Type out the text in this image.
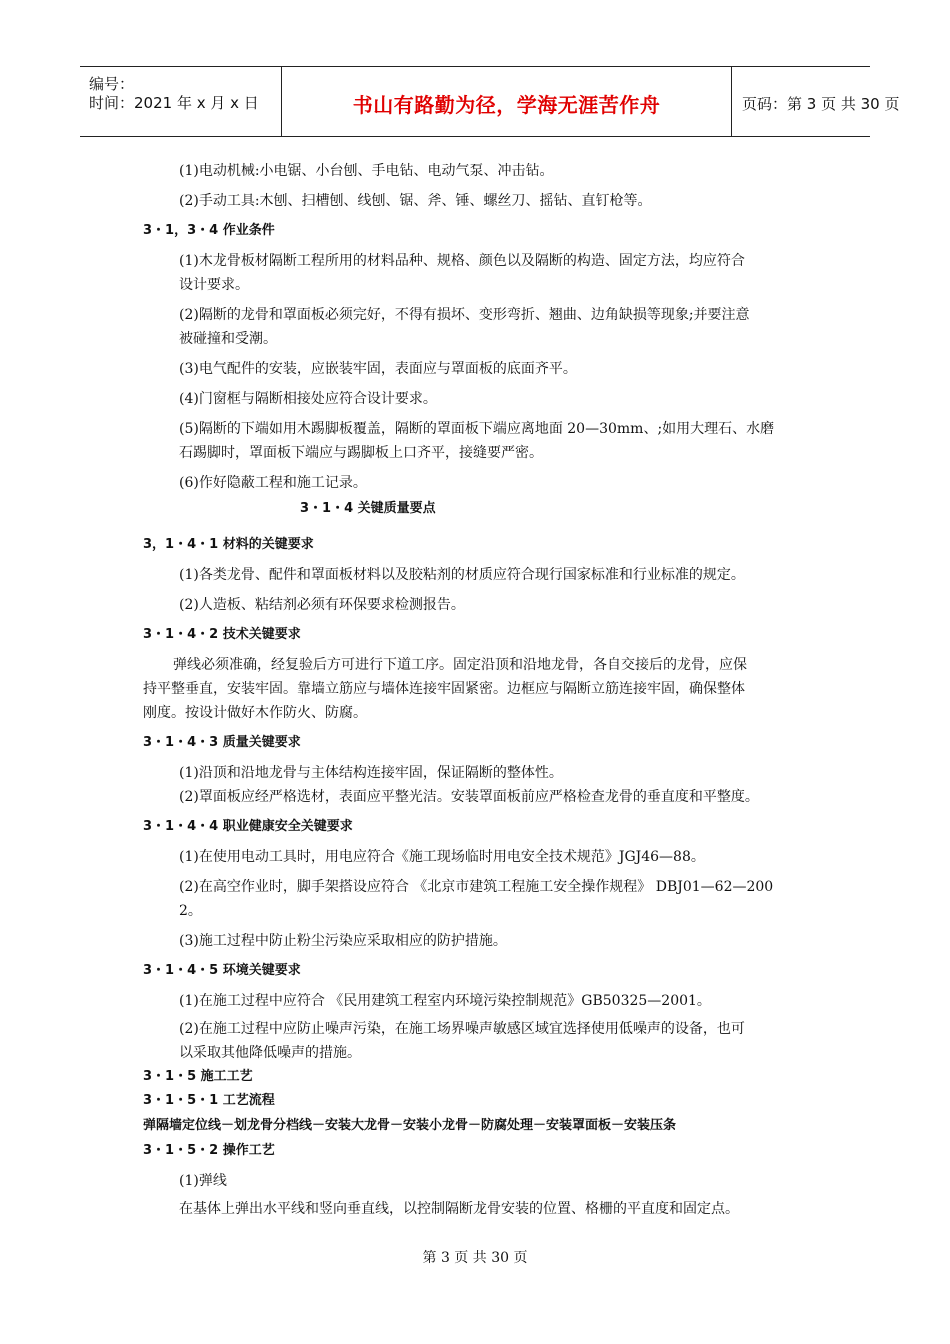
编号：
时间：2021 年 x 月 x 日	书山有路勤为径，学海无涯苦作舟	页码：第 3 页 共 30 页
(1)电动机械:小电锯、小台刨、手电钻、电动气泵、冲击钻。
(2)手动工具:木刨、扫槽刨、线刨、锯、斧、锤、螺丝刀、摇钻、直钉枪等。
3・1，3・4 作业条件
(1)木龙骨板材隔断工程所用的材料品种、规格、颜色以及隔断的构造、固定方法，均应符合
设计要求。
(2)隔断的龙骨和罩面板必须完好，不得有损坏、变形弯折、翘曲、边角缺损等现象;并要注意
被碰撞和受潮。
(3)电气配件的安装，应嵌装牢固，表面应与罩面板的底面齐平。
(4)门窗框与隔断相接处应符合设计要求。
(5)隔断的下端如用木踢脚板覆盖，隔断的罩面板下端应离地面 20—30mm、;如用大理石、水磨
石踢脚时，罩面板下端应与踢脚板上口齐平，接缝要严密。
(6)作好隐蔽工程和施工记录。
3・1・4 关键质量要点
3，1・4・1 材料的关键要求
(1)各类龙骨、配件和罩面板材料以及胶粘剂的材质应符合现行国家标准和行业标准的规定。
(2)人造板、粘结剂必须有环保要求检测报告。
3・1・4・2 技术关键要求
弹线必须准确，经复验后方可进行下道工序。固定沿顶和沿地龙骨，各自交接后的龙骨，应保
持平整垂直，安装牢固。靠墙立筋应与墙体连接牢固紧密。边框应与隔断立筋连接牢固，确保整体
刚度。按设计做好木作防火、防腐。
3・1・4・3 质量关键要求
(1)沿顶和沿地龙骨与主体结构连接牢固，保证隔断的整体性。
(2)罩面板应经严格选材，表面应平整光洁。安装罩面板前应严格检查龙骨的垂直度和平整度。
3・1・4・4 职业健康安全关键要求
(1)在使用电动工具时，用电应符合《施工现场临时用电安全技术规范》JGJ46—88。
(2)在高空作业时，脚手架搭设应符合 《北京市建筑工程施工安全操作规程》 DBJ01—62—200
2。
(3)施工过程中防止粉尘污染应采取相应的防护措施。
3・1・4・5 环境关键要求
(1)在施工过程中应符合 《民用建筑工程室内环境污染控制规范》GB50325—2001。
(2)在施工过程中应防止噪声污染，在施工场界噪声敏感区域宜选择使用低噪声的设备，也可
以采取其他降低噪声的措施。
3・1・5 施工工艺
3・1・5・1 工艺流程
弹隔墙定位线－划龙骨分档线－安装大龙骨－安装小龙骨－防腐处理－安装罩面板－安装压条
3・1・5・2 操作工艺
(1)弹线
在基体上弹出水平线和竖向垂直线，以控制隔断龙骨安装的位置、格栅的平直度和固定点。
第 3 页 共 30 页
